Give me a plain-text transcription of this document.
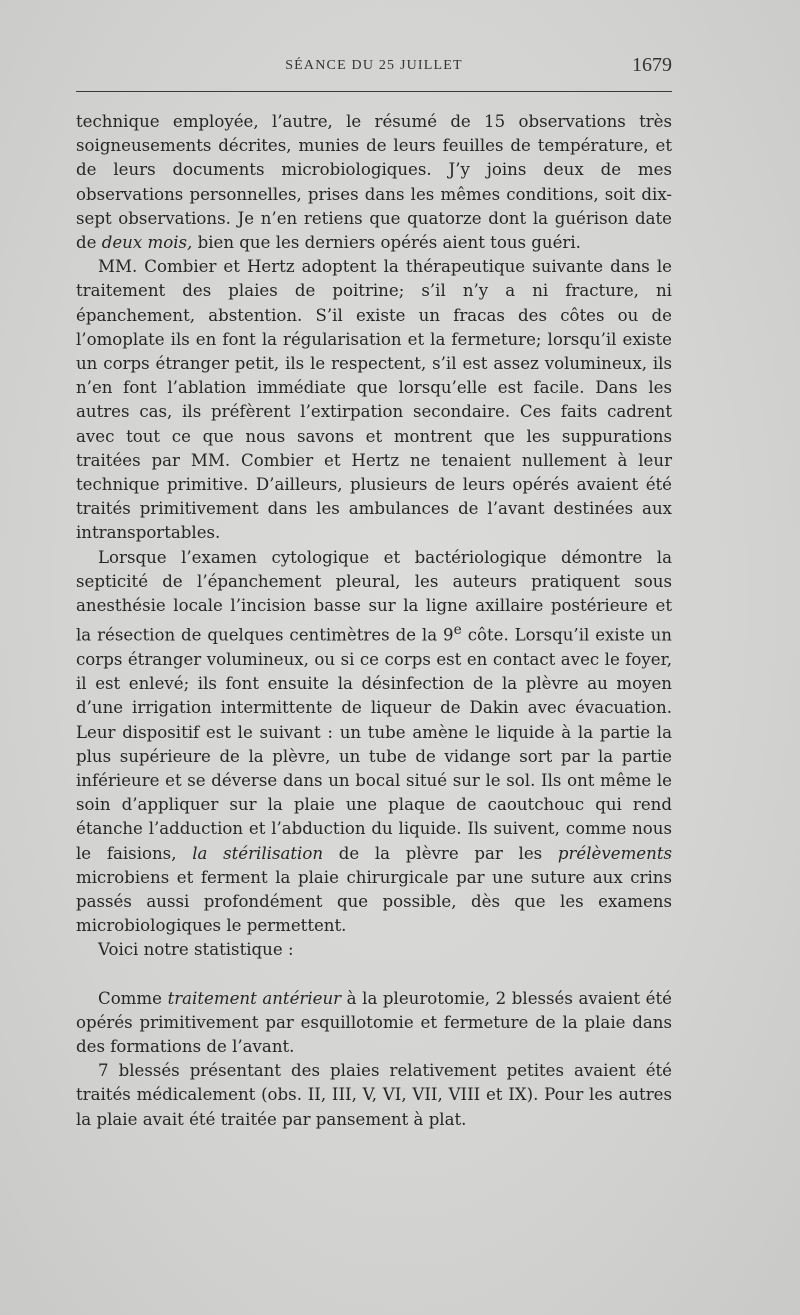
SÉANCE DU 25 JUILLET	1679

technique employée, l’autre, le résumé de 15 observations très soigneusements décrites, munies de leurs feuilles de température, et de leurs documents microbiologiques. J’y joins deux de mes observations personnelles, prises dans les mêmes conditions, soit dix-sept observations. Je n’en retiens que quatorze dont la guérison date de deux mois, bien que les derniers opérés aient tous guéri.

MM. Combier et Hertz adoptent la thérapeutique suivante dans le traitement des plaies de poitrine; s’il n’y a ni fracture, ni épanchement, abstention. S’il existe un fracas des côtes ou de l’omoplate ils en font la régularisation et la fermeture; lorsqu’il existe un corps étranger petit, ils le respectent, s’il est assez volumineux, ils n’en font l’ablation immédiate que lorsqu’elle est facile. Dans les autres cas, ils préfèrent l’extirpation secondaire. Ces faits cadrent avec tout ce que nous savons et montrent que les suppurations traitées par MM. Combier et Hertz ne tenaient nullement à leur technique primitive. D’ailleurs, plusieurs de leurs opérés avaient été traités primitivement dans les ambulances de l’avant destinées aux intransportables.

Lorsque l’examen cytologique et bactériologique démontre la septicité de l’épanchement pleural, les auteurs pratiquent sous anesthésie locale l’incision basse sur la ligne axillaire postérieure et la résection de quelques centimètres de la 9e côte. Lorsqu’il existe un corps étranger volumineux, ou si ce corps est en contact avec le foyer, il est enlevé; ils font ensuite la désinfection de la plèvre au moyen d’une irrigation intermittente de liqueur de Dakin avec évacuation. Leur dispositif est le suivant : un tube amène le liquide à la partie la plus supérieure de la plèvre, un tube de vidange sort par la partie inférieure et se déverse dans un bocal situé sur le sol. Ils ont même le soin d’appliquer sur la plaie une plaque de caoutchouc qui rend étanche l’adduction et l’abduction du liquide. Ils suivent, comme nous le faisions, la stérilisation de la plèvre par les prélèvements microbiens et ferment la plaie chirurgicale par une suture aux crins passés aussi profondément que possible, dès que les examens microbiologiques le permettent.

Voici notre statistique :

Comme traitement antérieur à la pleurotomie, 2 blessés avaient été opérés primitivement par esquillotomie et fermeture de la plaie dans des formations de l’avant.

7 blessés présentant des plaies relativement petites avaient été traités médicalement (obs. II, III, V, VI, VII, VIII et IX). Pour les autres la plaie avait été traitée par pansement à plat.
